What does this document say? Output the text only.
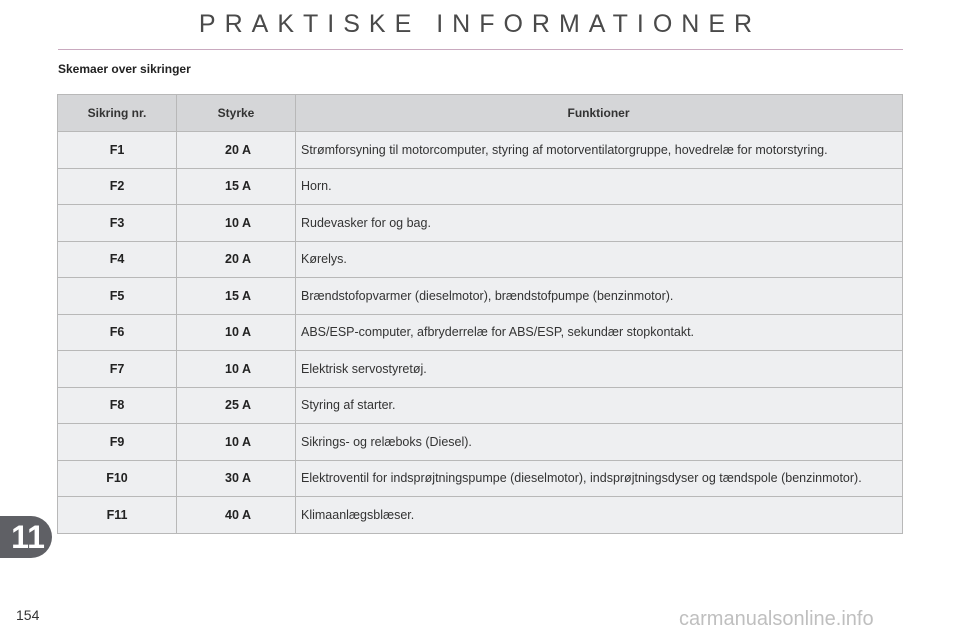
PRAKTISKE INFORMATIONER
Skemaer over sikringer
Sikring nr.	Styrke	Funktioner
F1	20 A	Strømforsyning til motorcomputer, styring af motorventilatorgruppe, hovedrelæ for motorstyring.
F2	15 A	Horn.
F3	10 A	Rudevasker for og bag.
F4	20 A	Kørelys.
F5	15 A	Brændstofopvarmer (dieselmotor), brændstofpumpe (benzinmotor).
F6	10 A	ABS/ESP-computer, afbryderrelæ for ABS/ESP, sekundær stopkontakt.
F7	10 A	Elektrisk servostyretøj.
F8	25 A	Styring af starter.
F9	10 A	Sikrings- og relæboks (Diesel).
F10	30 A	Elektroventil for indsprøjtningspumpe (dieselmotor), indsprøjtningsdyser og tændspole (benzinmotor).
F11	40 A	Klimaanlægsblæser.
11
154	carmanualsonline.info
